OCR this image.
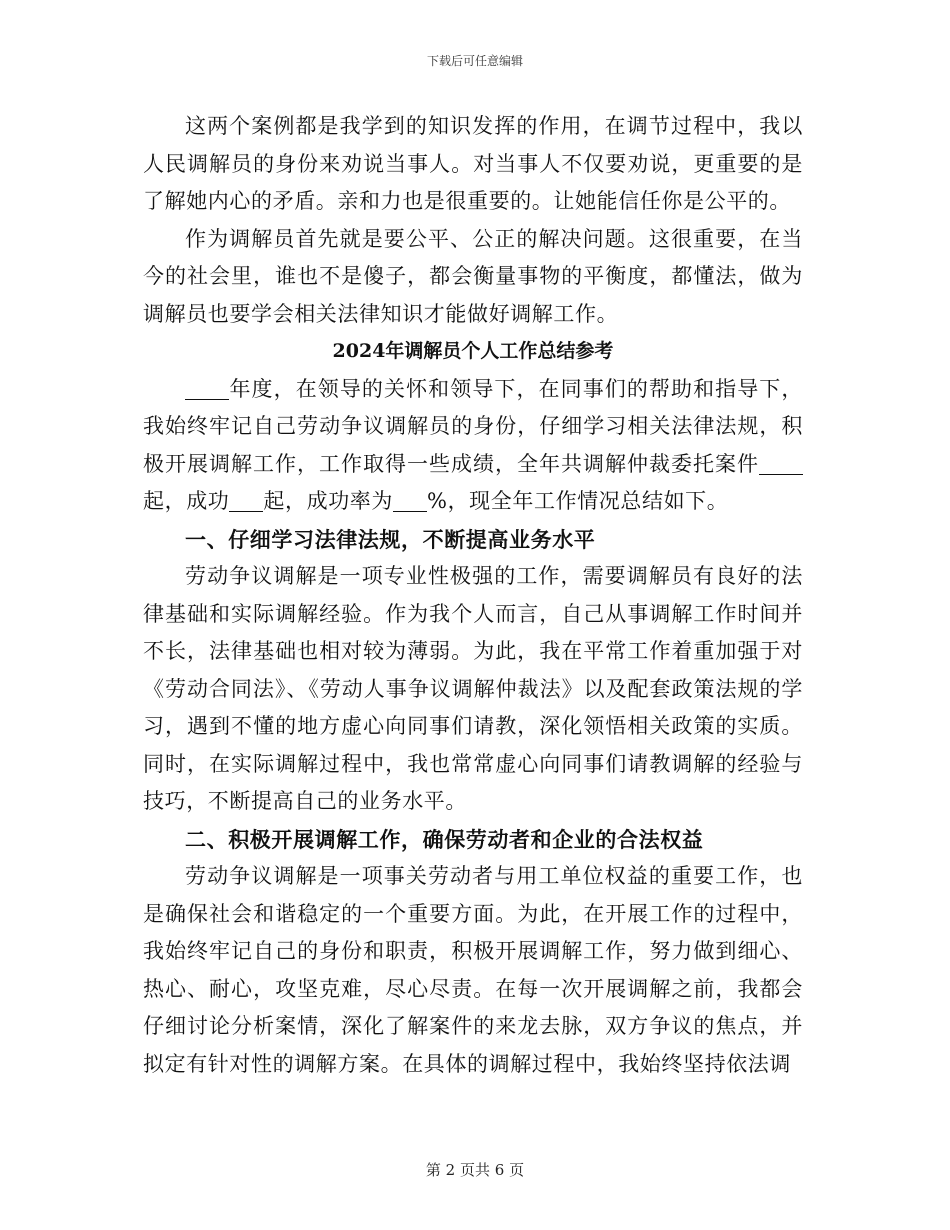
下载后可任意编辑

这两个案例都是我学到的知识发挥的作用，在调节过程中，我以人民调解员的身份来劝说当事人。对当事人不仅要劝说，更重要的是了解她内心的矛盾。亲和力也是很重要的。让她能信任你是公平的。

作为调解员首先就是要公平、公正的解决问题。这很重要，在当今的社会里，谁也不是傻子，都会衡量事物的平衡度，都懂法，做为调解员也要学会相关法律知识才能做好调解工作。

2024年调解员个人工作总结参考

年度，在领导的关怀和领导下，在同事们的帮助和指导下，我始终牢记自己劳动争议调解员的身份，仔细学习相关法律法规，积极开展调解工作，工作取得一些成绩，全年共调解仲裁委托案件起，成功 起，成功率为 %，现全年工作情况总结如下。

一、仔细学习法律法规，不断提高业务水平

劳动争议调解是一项专业性极强的工作，需要调解员有良好的法律基础和实际调解经验。作为我个人而言，自己从事调解工作时间并不长，法律基础也相对较为薄弱。为此，我在平常工作着重加强于对《劳动合同法》、《劳动人事争议调解仲裁法》以及配套政策法规的学习，遇到不懂的地方虚心向同事们请教，深化领悟相关政策的实质。同时，在实际调解过程中，我也常常虚心向同事们请教调解的经验与技巧，不断提高自己的业务水平。

二、积极开展调解工作，确保劳动者和企业的合法权益

劳动争议调解是一项事关劳动者与用工单位权益的重要工作，也是确保社会和谐稳定的一个重要方面。为此，在开展工作的过程中，我始终牢记自己的身份和职责，积极开展调解工作，努力做到细心、热心、耐心，攻坚克难，尽心尽责。在每一次开展调解之前，我都会仔细讨论分析案情，深化了解案件的来龙去脉，双方争议的焦点，并拟定有针对性的调解方案。在具体的调解过程中，我始终坚持依法调

第 2 页共 6 页
